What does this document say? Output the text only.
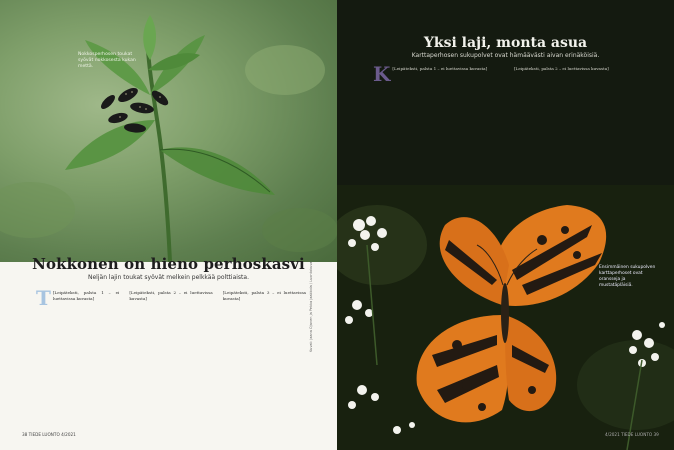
Nokkosperhosen toukat syövät nokkosesta kukan mettä.
Kuvat: Jaana Ojanen ja Pekka Jaakkola / Luontokuva
Nokkonen on hieno perhoskasvi
Neljän lajin toukat syövät melkein pelkkää polttiaista.
T [Leipäteksti, palsta 1 – ei luettavissa kuvasta]

[Leipäteksti, palsta 2 – ei luettavissa kuvasta]

[Leipäteksti, palsta 3 – ei luettavissa kuvasta]

38 TIEDE LUONTO 4/2021
Yksi laji, monta asua
Karttaperhosen sukupolvet ovat hämäävästi aivan erinäköisiä.
K [Leipäteksti, palsta 1 – ei luettavissa kuvasta]	[Leipäteksti, palsta 2 – ei luettavissa kuvasta]

Ensimmäinen sukupolven karttaperhoset ovat oransseja ja mustatäpläisiä.
4/2021 TIEDE LUONTO 39
